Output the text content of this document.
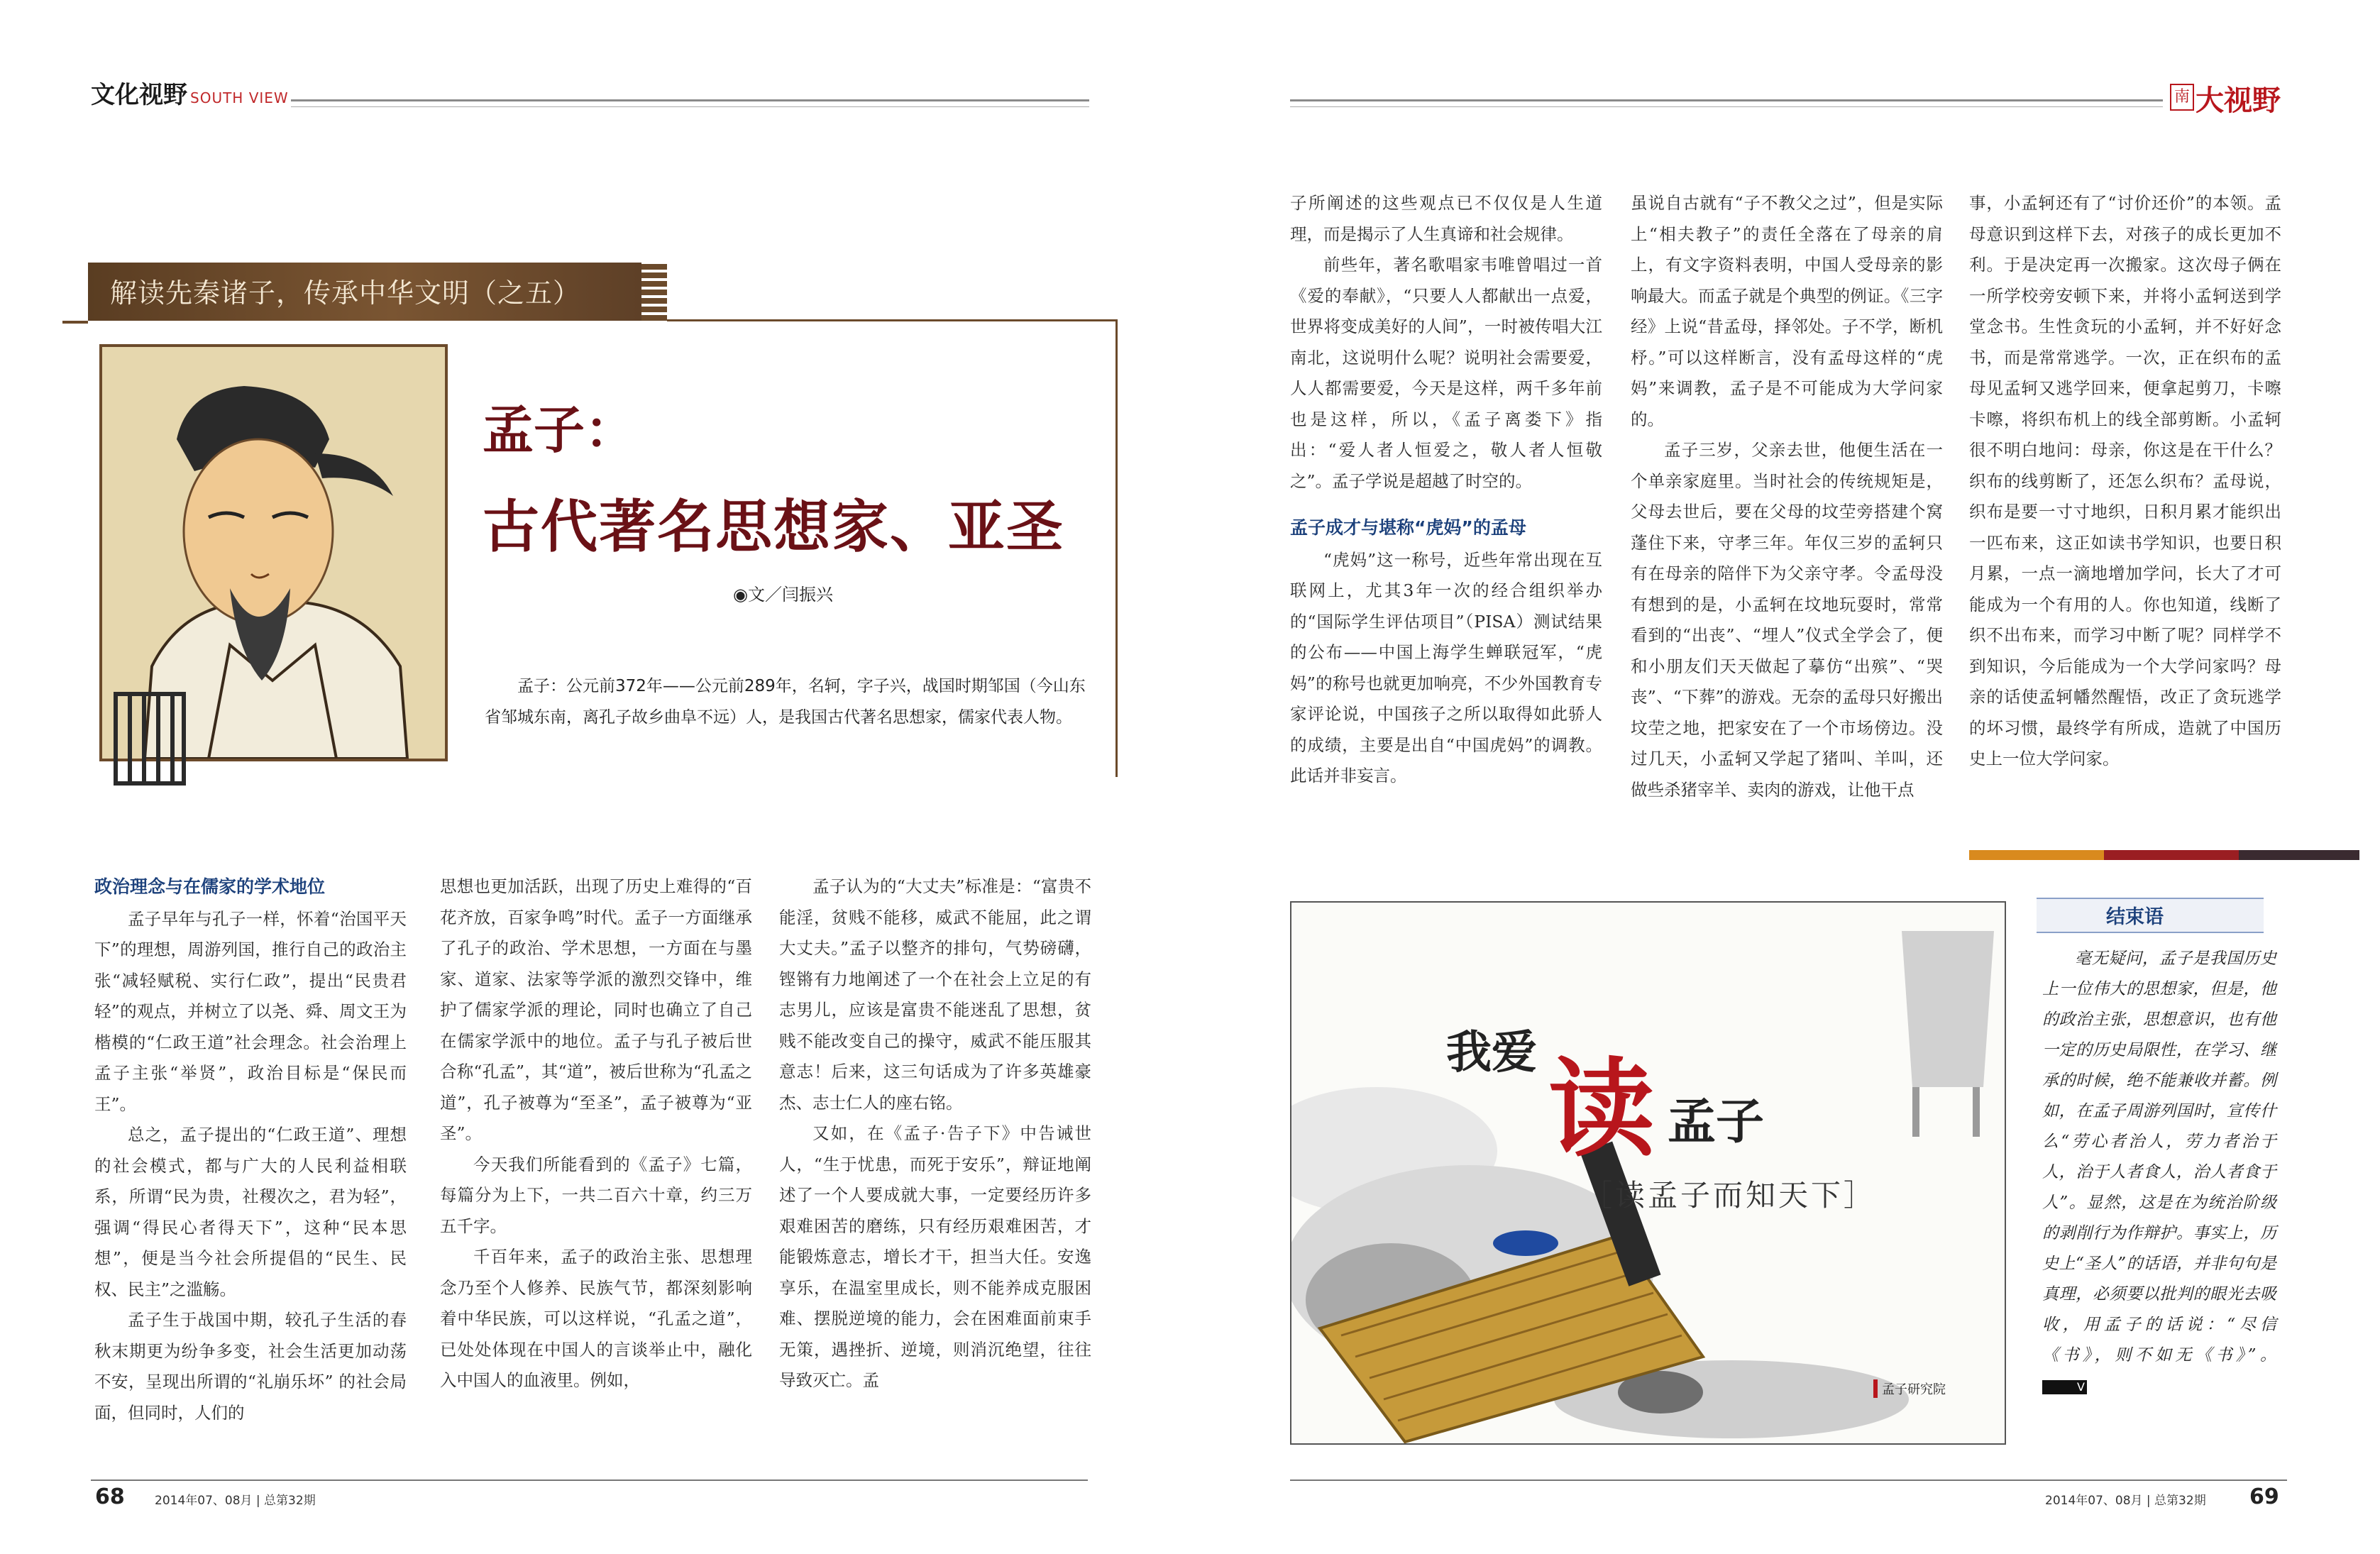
文化视野 SOUTH VIEW	南 大视野
解读先秦诸子，传承中华文明（之五）
孟子：
古代著名思想家、亚圣
◉文／闫振兴
孟子：公元前372年——公元前289年，名轲，字子兴，战国时期邹国（今山东省邹城东南，离孔子故乡曲阜不远）人，是我国古代著名思想家，儒家代表人物。
政治理念与在儒家的学术地位

孟子早年与孔子一样，怀着“治国平天下”的理想，周游列国，推行自己的政治主张“减轻赋税、实行仁政”，提出“民贵君轻”的观点，并树立了以尧、舜、周文王为楷模的“仁政王道”社会理念。社会治理上孟子主张“举贤”，政治目标是“保民而王”。

总之，孟子提出的“仁政王道”、理想的社会模式，都与广大的人民利益相联系，所谓“民为贵，社稷次之，君为轻”，强调“得民心者得天下”，这种“民本思想”，便是当今社会所提倡的“民生、民权、民主”之滥觞。

孟子生于战国中期，较孔子生活的春秋末期更为纷争多变，社会生活更加动荡不安，呈现出所谓的“礼崩乐坏” 的社会局面，但同时，人们的

思想也更加活跃，出现了历史上难得的“百花齐放，百家争鸣”时代。孟子一方面继承了孔子的政治、学术思想，一方面在与墨家、道家、法家等学派的激烈交锋中，维护了儒家学派的理论，同时也确立了自己在儒家学派中的地位。孟子与孔子被后世合称“孔孟”，其“道”，被后世称为“孔孟之道”，孔子被尊为“至圣”，孟子被尊为“亚圣”。

今天我们所能看到的《孟子》七篇，每篇分为上下，一共二百六十章，约三万五千字。

千百年来，孟子的政治主张、思想理念乃至个人修养、民族气节，都深刻影响着中华民族，可以这样说，“孔孟之道”，已处处体现在中国人的言谈举止中，融化入中国人的血液里。例如，

孟子认为的“大丈夫”标准是：“富贵不能淫，贫贱不能移，威武不能屈，此之谓大丈夫。”孟子以整齐的排句，气势磅礴，铿锵有力地阐述了一个在社会上立足的有志男儿，应该是富贵不能迷乱了思想，贫贱不能改变自己的操守，威武不能压服其意志！后来，这三句话成为了许多英雄豪杰、志士仁人的座右铭。

又如，在《孟子·告子下》中告诫世人，“生于忧患，而死于安乐”，辩证地阐述了一个人要成就大事，一定要经历许多艰难困苦的磨练，只有经历艰难困苦，才能锻炼意志，增长才干，担当大任。安逸享乐，在温室里成长，则不能养成克服困难、摆脱逆境的能力，会在困难面前束手无策，遇挫折、逆境，则消沉绝望，往往导致灭亡。孟

子所阐述的这些观点已不仅仅是人生道理，而是揭示了人生真谛和社会规律。

前些年，著名歌唱家韦唯曾唱过一首《爱的奉献》，“只要人人都献出一点爱，世界将变成美好的人间”，一时被传唱大江南北，这说明什么呢？说明社会需要爱，人人都需要爱，今天是这样，两千多年前也是这样，所以，《孟子离娄下》指出：“爱人者人恒爱之，敬人者人恒敬之”。孟子学说是超越了时空的。

孟子成才与堪称“虎妈”的孟母

“虎妈”这一称号，近些年常出现在互联网上，尤其3年一次的经合组织举办的“国际学生评估项目”（PISA）测试结果的公布——中国上海学生蝉联冠军，“虎妈”的称号也就更加响亮，不少外国教育专家评论说，中国孩子之所以取得如此骄人的成绩，主要是出自“中国虎妈”的调教。此话并非妄言。

虽说自古就有“子不教父之过”，但是实际上“相夫教子”的责任全落在了母亲的肩上，有文字资料表明，中国人受母亲的影响最大。而孟子就是个典型的例证。《三字经》上说“昔孟母，择邻处。子不学，断机杼。”可以这样断言，没有孟母这样的“虎妈”来调教，孟子是不可能成为大学问家的。

孟子三岁，父亲去世，他便生活在一个单亲家庭里。当时社会的传统规矩是，父母去世后，要在父母的坟茔旁搭建个窝蓬住下来，守孝三年。年仅三岁的孟轲只有在母亲的陪伴下为父亲守孝。令孟母没有想到的是，小孟轲在坟地玩耍时，常常看到的“出丧”、“埋人”仪式全学会了，便和小朋友们天天做起了摹仿“出殡”、“哭丧”、“下葬”的游戏。无奈的孟母只好搬出坟茔之地，把家安在了一个市场傍边。没过几天，小孟轲又学起了猪叫、羊叫，还做些杀猪宰羊、卖肉的游戏，让他干点

事，小孟轲还有了“讨价还价”的本领。孟母意识到这样下去，对孩子的成长更加不利。于是决定再一次搬家。这次母子俩在一所学校旁安顿下来，并将小孟轲送到学堂念书。生性贪玩的小孟轲，并不好好念书，而是常常逃学。一次，正在织布的孟母见孟轲又逃学回来，便拿起剪刀，卡嚓卡嚓，将织布机上的线全部剪断。小孟轲很不明白地问：母亲，你这是在干什么？织布的线剪断了，还怎么织布？孟母说，织布是要一寸寸地织，日积月累才能织出一匹布来，这正如读书学知识，也要日积月累，一点一滴地增加学问，长大了才可能成为一个有用的人。你也知道，线断了织不出布来，而学习中断了呢？同样学不到知识，今后能成为一个大学问家吗？母亲的话使孟轲幡然醒悟，改正了贪玩逃学的坏习惯，最终学有所成，造就了中国历史上一位大学问家。

我爱 读 孟子
［读孟子而知天下］
孟子研究院
结束语
毫无疑问，孟子是我国历史上一位伟大的思想家，但是，他的政治主张，思想意识，也有他一定的历史局限性，在学习、继承的时候，绝不能兼收并蓄。例如，在孟子周游列国时，宣传什么“劳心者治人，劳力者治于人，治于人者食人，治人者食于人”。显然，这是在为统治阶级的剥削行为作辩护。事实上，历史上“圣人”的话语，并非句句是真理，必须要以批判的眼光去吸收，用孟子的话说：“尽信《书》，则不如无《书》”。 V
68 2014年07、08月 | 总第32期	2014年07、08月 | 总第32期 69
